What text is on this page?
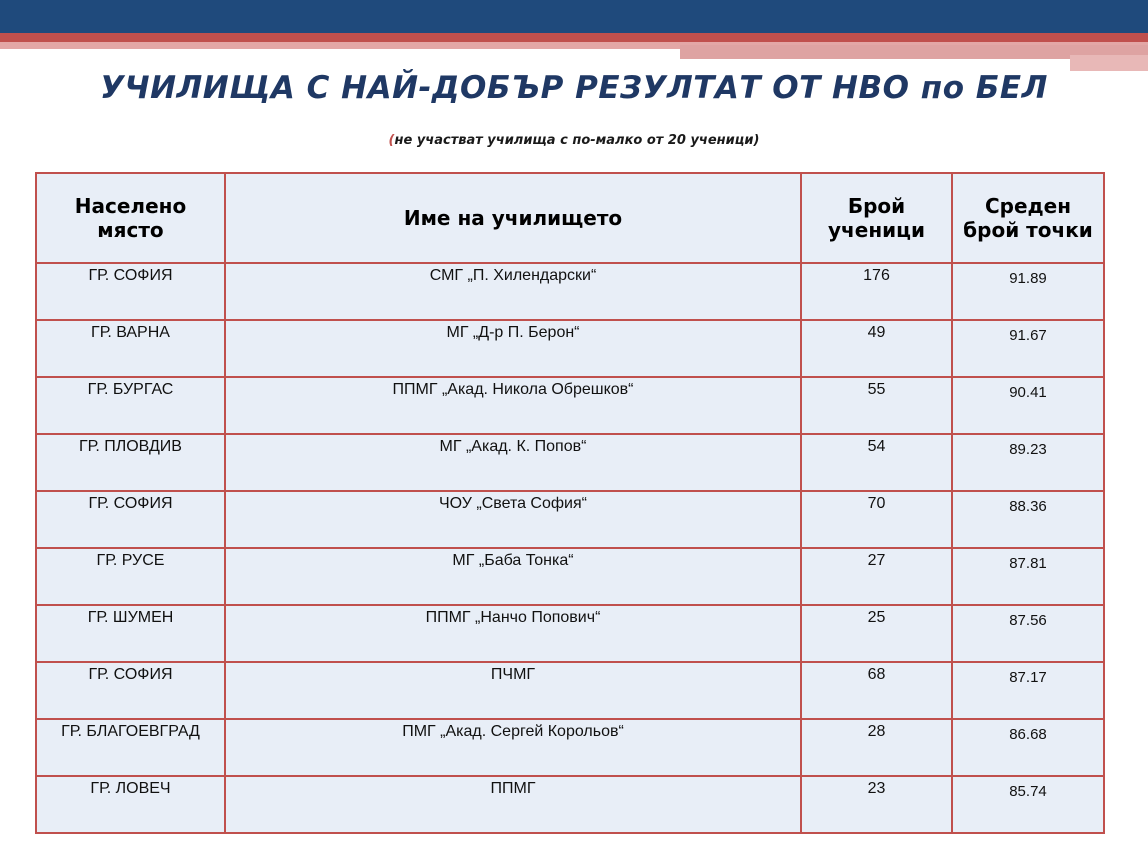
УЧИЛИЩА С НАЙ-ДОБЪР РЕЗУЛТАТ ОТ НВО по БЕЛ
(не участват училища с по-малко от 20 ученици)
Населено място	Име на училището	Брой ученици	Среден брой точки
ГР. СОФИЯ	СМГ „П. Хилендарски“	176	91.89
ГР. ВАРНА	МГ „Д-р П. Берон“	49	91.67
ГР. БУРГАС	ППМГ „Акад. Никола Обрешков“	55	90.41
ГР. ПЛОВДИВ	МГ „Акад. К. Попов“	54	89.23
ГР. СОФИЯ	ЧОУ „Света София“	70	88.36
ГР. РУСЕ	МГ „Баба Тонка“	27	87.81
ГР. ШУМЕН	ППМГ „Нанчо Попович“	25	87.56
ГР. СОФИЯ	ПЧМГ	68	87.17
ГР. БЛАГОЕВГРАД	ПМГ „Акад. Сергей Корольов“	28	86.68
ГР. ЛОВЕЧ	ППМГ	23	85.74
